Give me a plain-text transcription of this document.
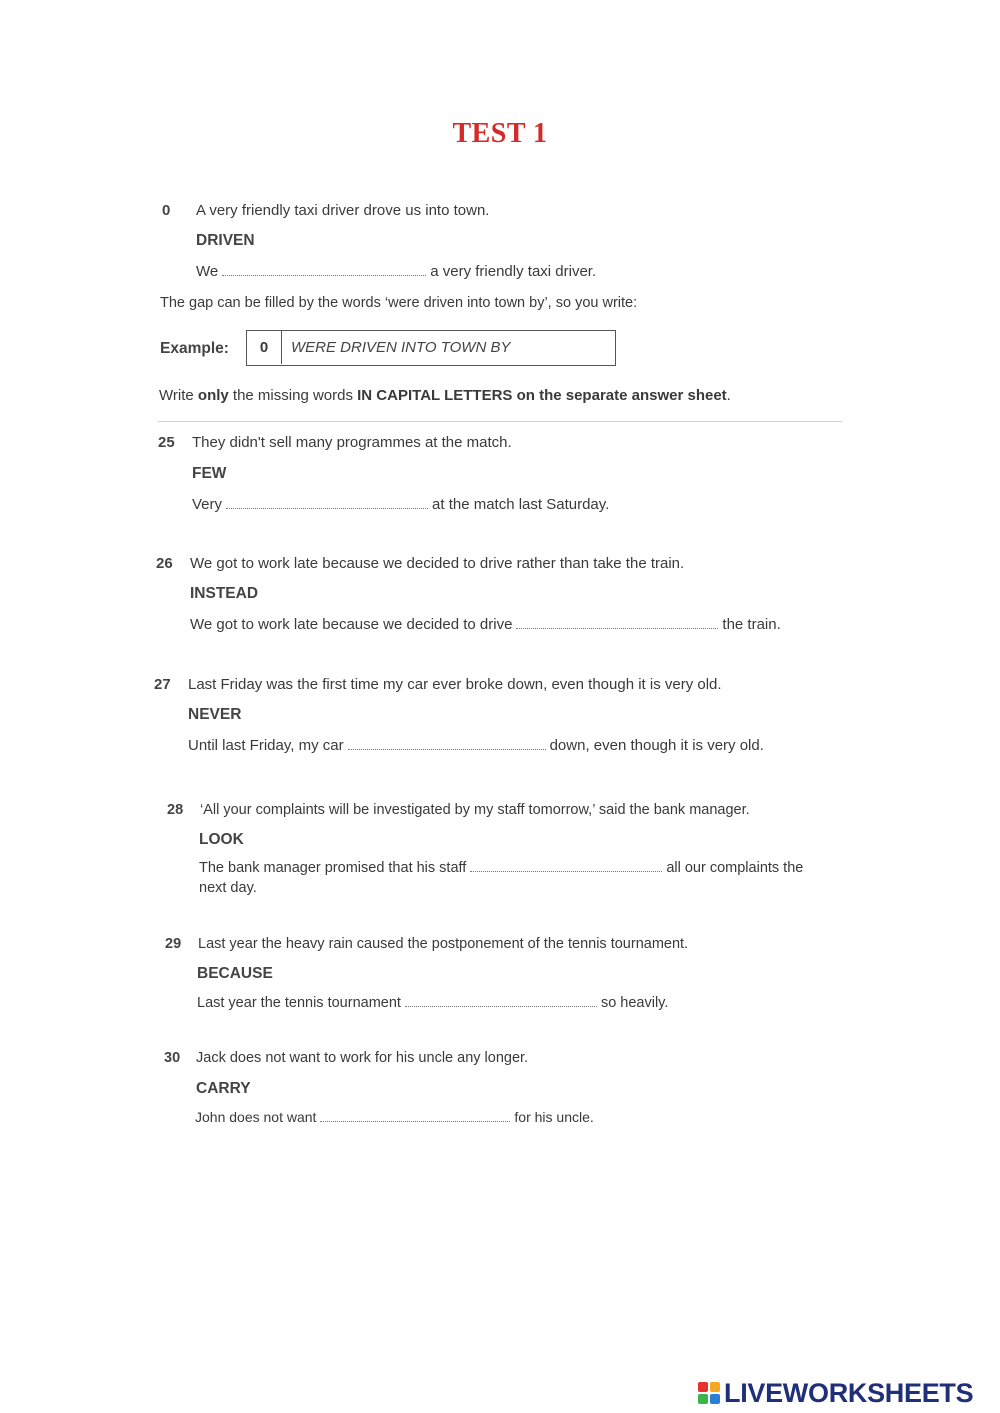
TEST 1
0 A very friendly taxi driver drove us into town.
DRIVEN
We	a very friendly taxi driver.
The gap can be filled by the words ‘were driven into town by’, so you write:
Example:	0	WERE DRIVEN INTO TOWN BY
Write only the missing words IN CAPITAL LETTERS on the separate answer sheet.
25 They didn't sell many programmes at the match.
FEW
Very	at the match last Saturday.
26 We got to work late because we decided to drive rather than take the train.
INSTEAD
We got to work late because we decided to drive	the train.
27 Last Friday was the first time my car ever broke down, even though it is very old.
NEVER
Until last Friday, my car	down, even though it is very old.
28 ‘All your complaints will be investigated by my staff tomorrow,’ said the bank manager.
LOOK
The bank manager promised that his staff	all our complaints the
next day.
29 Last year the heavy rain caused the postponement of the tennis tournament.
BECAUSE
Last year the tennis tournament	so heavily.
30 Jack does not want to work for his uncle any longer.
CARRY
John does not want	for his uncle.
LIVEWORKSHEETS
